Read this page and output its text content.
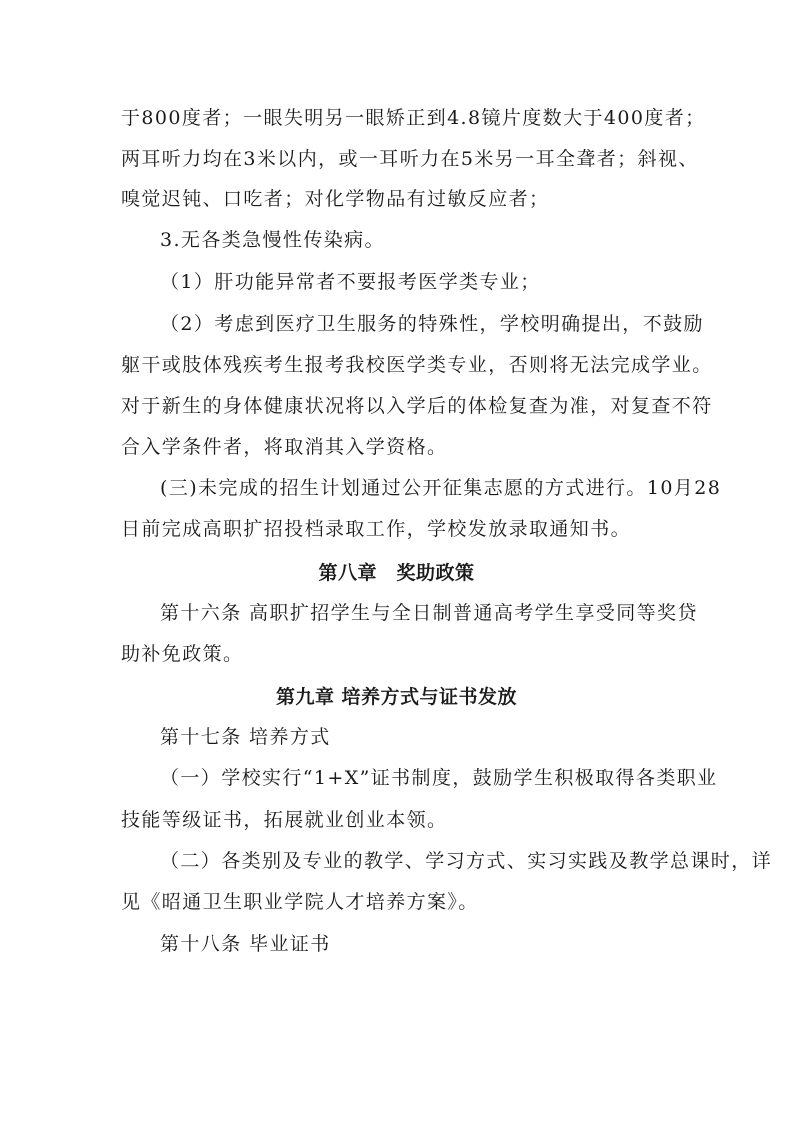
于800度者；一眼失明另一眼矫正到4.8镜片度数大于400度者；
两耳听力均在3米以内，或一耳听力在5米另一耳全聋者；斜视、
嗅觉迟钝、口吃者；对化学物品有过敏反应者；
3.无各类急慢性传染病。
（1）肝功能异常者不要报考医学类专业；
（2）考虑到医疗卫生服务的特殊性，学校明确提出，不鼓励
躯干或肢体残疾考生报考我校医学类专业，否则将无法完成学业。
对于新生的身体健康状况将以入学后的体检复查为准，对复查不符
合入学条件者，将取消其入学资格。
(三)未完成的招生计划通过公开征集志愿的方式进行。10月28
日前完成高职扩招投档录取工作，学校发放录取通知书。
第八章　奖助政策
第十六条 高职扩招学生与全日制普通高考学生享受同等奖贷
助补免政策。
第九章 培养方式与证书发放
第十七条 培养方式
（一）学校实行“1+X”证书制度，鼓励学生积极取得各类职业
技能等级证书，拓展就业创业本领。
（二）各类别及专业的教学、学习方式、实习实践及教学总课时，详
见《昭通卫生职业学院人才培养方案》。
第十八条 毕业证书
